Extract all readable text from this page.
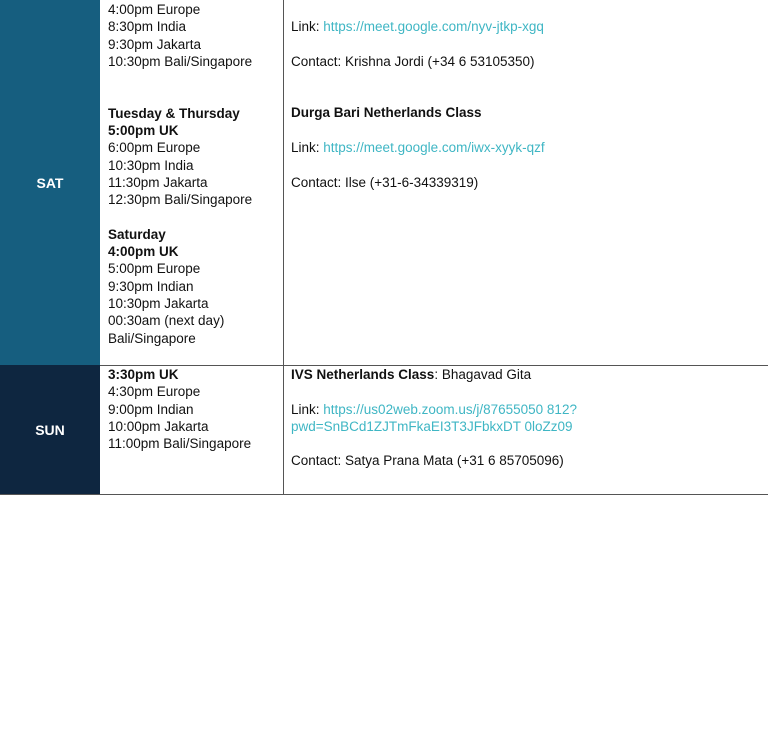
SAT
SUN
4:00pm Europe
8:30pm India
9:30pm Jakarta
10:30pm Bali/Singapore
Tuesday & Thursday
5:00pm UK
6:00pm Europe
10:30pm India
11:30pm Jakarta
12:30pm Bali/Singapore
Saturday
4:00pm UK
5:00pm Europe
9:30pm Indian
10:30pm Jakarta
00:30am (next day)
Bali/Singapore
Link: https://meet.google.com/nyv-jtkp-xgq
Contact: Krishna Jordi (+34 6 53105350)
Durga Bari Netherlands Class
Link: https://meet.google.com/iwx-xyyk-qzf
Contact: Ilse (+31-6-34339319)
3:30pm UK
4:30pm Europe
9:00pm Indian
10:00pm Jakarta
11:00pm Bali/Singapore
IVS Netherlands Class: Bhagavad Gita
Link: https://us02web.zoom.us/j/87655050 812?
pwd=SnBCd1ZJTmFkaEI3T3JFbkxDT 0loZz09
Contact: Satya Prana Mata (+31 6 85705096)
